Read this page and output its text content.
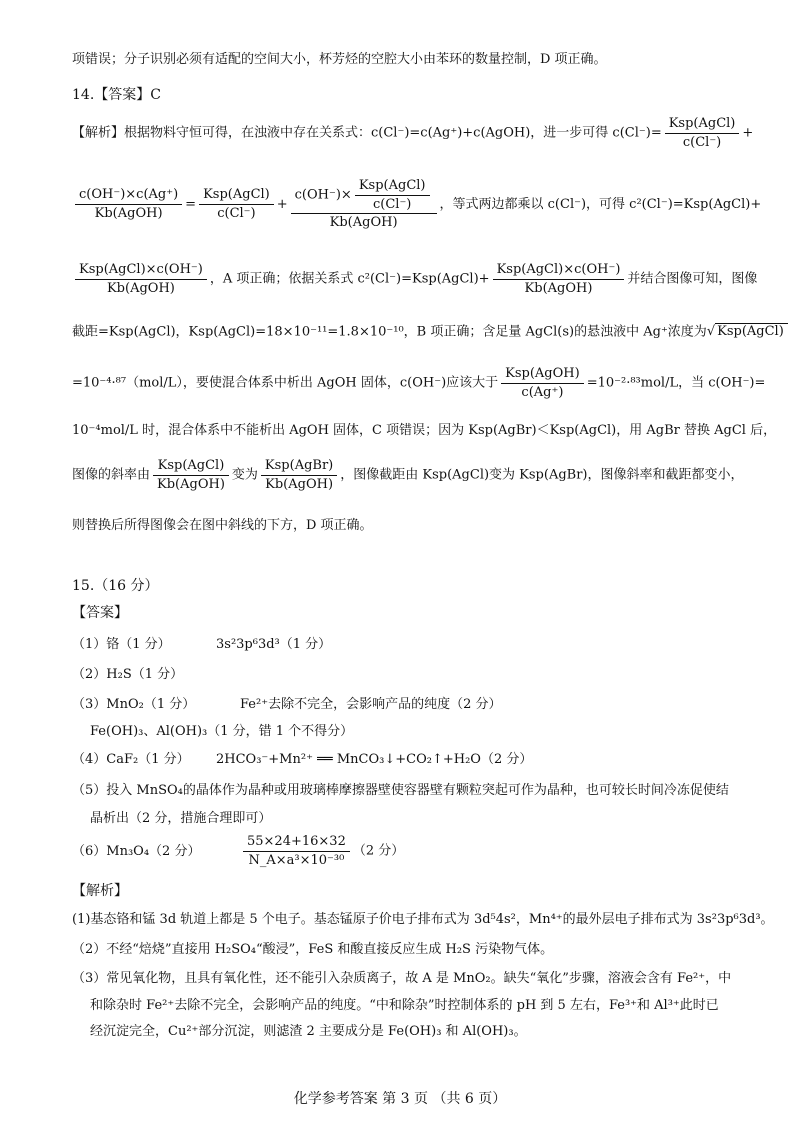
项错误；分子识别必须有适配的空间大小，杯芳烃的空腔大小由苯环的数量控制，D 项正确。
14.【答案】C
【解析】根据物料守恒可得，在浊液中存在关系式：c(Cl⁻)=c(Ag⁺)+c(AgOH)，进一步可得 $c(Cl^-)= \frac{\text{Ksp(AgCl)}}{c(Cl^-)}$ +
$\frac{c(OH^-)\times c(Ag^+)}{\text{Kb(AgOH)}} = \frac{\text{Ksp(AgCl)}}{c(Cl^-)} + \frac{c(OH^-)\times \frac{\text{Ksp(AgCl)}}{c(Cl^-)}}{\text{Kb(AgOH)}}$ ，等式两边都乘以 c(Cl⁻)，可得 c²(Cl⁻)=Ksp(AgCl)+
$\frac{\text{Ksp(AgCl)×c(OH⁻)}}{\text{Kb(AgOH)}}$ ，A 项正确；依据关系式 c²(Cl⁻)=Ksp(AgCl)+ $\frac{\text{Ksp(AgCl)×c(OH⁻)}}{\text{Kb(AgOH)}}$ 并结合图像可知，图像
截距=Ksp(AgCl)，Ksp(AgCl)=18×10⁻¹¹=1.8×10⁻¹⁰，B 项正确；含足量 AgCl(s)的悬浊液中 Ag⁺浓度为√ Ksp(AgCl)
=10⁻⁴·⁸⁷（mol/L），要使混合体系中析出 AgOH 固体，c(OH⁻)应该大于 $\frac{\text{Ksp(AgOH)}}{c(Ag^+)} =10^{-2}\cdot^{83}mol/L$，当 c(OH⁻)=
10⁻⁴mol/L 时，混合体系中不能析出 AgOH 固体，C 项错误；因为 Ksp(AgBr)＜Ksp(AgCl)，用 AgBr 替换 AgCl 后，
图像的斜率由 $\frac{\text{Ksp(AgCl)}}{\text{Kb(AgOH)}}$ 变为 $\frac{\text{Ksp(AgBr)}}{\text{Kb(AgOH)}}$ ，图像截距由 Ksp(AgCl)变为 Ksp(AgBr)，图像斜率和截距都变小，
则替换后所得图像会在图中斜线的下方，D 项正确。
15.（16 分）
【答案】
（1）铬（1 分）	3s²3p⁶3d³（1 分）
（2）H₂S（1 分）
（3）MnO₂（1 分）	Fe²⁺去除不完全，会影响产品的纯度（2 分）
Fe(OH)₃、Al(OH)₃（1 分，错 1 个不得分）
（4）CaF₂（1 分） 2HCO₃⁻+Mn²⁺ ══ MnCO₃↓+CO₂↑+H₂O（2 分）
（5）投入 MnSO₄的晶体作为晶种或用玻璃棒摩擦器壁使容器壁有颗粒突起可作为晶种，也可较长时间冷冻促使结
晶析出（2 分，措施合理即可）
（6）Mn₃O₄（2 分）	$\frac{55\times 24+16\times 32}{\text{N\_A×a³×10⁻³⁰}} (2$ 分）
【解析】
(1)基态铬和锰 3d 轨道上都是 5 个电子。基态锰原子价电子排布式为 3d⁵4s²，Mn⁴⁺的最外层电子排布式为 3s²3p⁶3d³。
（2）不经“焙烧”直接用 H₂SO₄“酸浸”，FeS 和酸直接反应生成 H₂S 污染物气体。
（3）常见氧化物，且具有氧化性，还不能引入杂质离子，故 A 是 MnO₂。缺失“氧化”步骤，溶液会含有 Fe²⁺，中
和除杂时 Fe²⁺去除不完全，会影响产品的纯度。“中和除杂”时控制体系的 pH 到 5 左右，Fe³⁺和 Al³⁺此时已
经沉淀完全，Cu²⁺部分沉淀，则滤渣 2 主要成分是 Fe(OH)₃ 和 Al(OH)₃。
化学参考答案 第 3 页 （共 6 页）
